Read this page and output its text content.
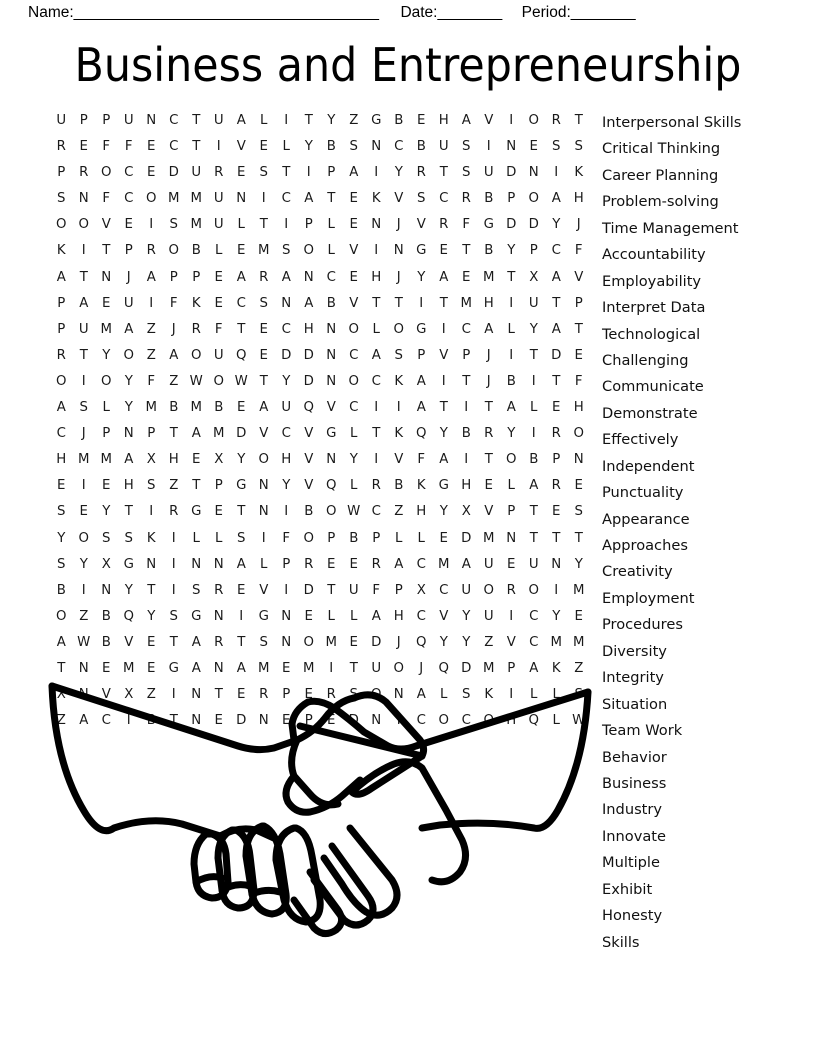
Name:______________________________________ Date:________ Period:________
Business and Entrepreneurship
U	P	P	U N C	T	U A	L	I	T	Y	Z G B	E H A	V	I	O R	T
R	E	F	F	E	C	T	I	V	E	L	Y	B	S N C B U	S	I	N	E	S	S
P	R O C	E D U R	E	S	T	I	P	A	I	Y	R	T	S	U D N	I	K
S N	F	C O M M U N	I	C A	T	E	K	V	S	C R	B	P O A H
O O V	E	I	S M U	L	T	I	P	L	E	N	J	V	R	F	G D D	Y	J
K	I	T	P	R O B	L	E M S O	L	V	I	N G E	T	B	Y	P	C	F
A	T	N	J	A	P	P	E	A	R	A N C	E H	J	Y	A	E M T	X	A	V
P	A	E	U	I	F	K	E	C	S N A	B	V	T	T	I	T M H	I	U	T	P
P	U M A	Z	J	R	F	T	E	C H N O	L	O G	I	C A	L	Y	A	T
R	T	Y O Z	A O U Q E D D N C A	S	P	V	P	J	I	T	D E
O	I	O Y	F	Z W O W T	Y	D N O C	K	A	I	T	J	B	I	T	F
A	S	L	Y M B M B	E	A U Q V C	I	I	A	T	I	T	A	L	E H
C	J	P	N	P	T	A M D V C V G	L	T	K Q Y	B	R	Y	I	R O
H M M A	X H E	X	Y O H V N	Y	I	V	F	A	I	T O B	P	N
E	I	E H S	Z	T	P	G N	Y	V Q	L	R	B	K G H E	L	A	R	E
S	E	Y	T	I	R G E	T	N	I	B O W C Z H	Y	X	V	P	T	E	S
Y O S	S	K	I	L	L	S	I	F	O P	B	P	L	L	E D M N	T	T	T
S	Y	X G N	I	N N A	L	P	R	E	E	R	A C M A U	E	U N	Y
B	I	N	Y	T	I	S	R	E	V	I	D	T	U	F	P	X C U O R O	I	M
O Z	B Q Y	S G N	I	G N	E	L	L	A H C V	Y	U	I	C	Y	E
A W B	V	E	T	A	R	T	S N O M E D	J	Q Y	Y	Z	V C M M
T	N	E M E G A N A M E M	I	T	U O	J	Q D M P	A	K	Z
X N V	X	Z	I	N	T	E	R	P	E	R	S O N A	L	S	K	I	L	L	S
Z	A C	I	B	T	N	E D N	E	P	E D N	I	C O C Q H Q	L W
Interpersonal Skills
Critical Thinking
Career Planning
Problem-solving
Time Management
Accountability
Employability
Interpret Data
Technological
Challenging
Communicate
Demonstrate
Effectively
Independent
Punctuality
Appearance
Approaches
Creativity
Employment
Procedures
Diversity
Integrity
Situation
Team Work
Behavior
Business
Industry
Innovate
Multiple
Exhibit
Honesty
Skills
